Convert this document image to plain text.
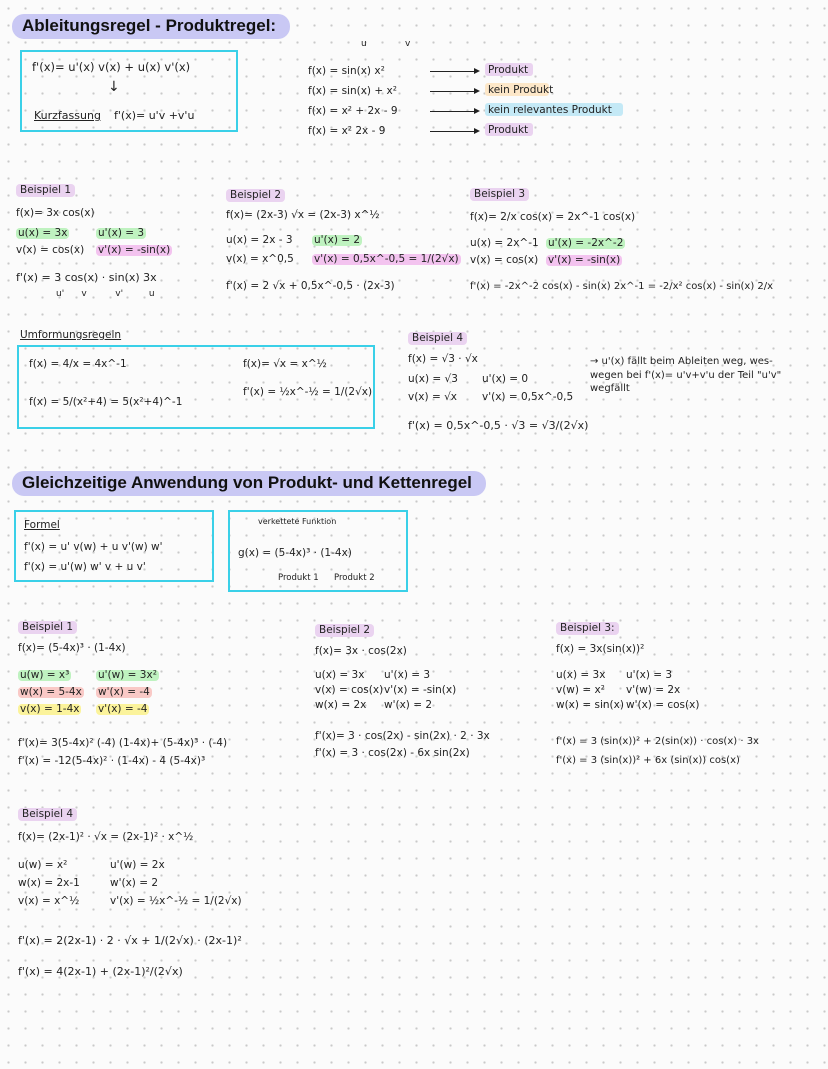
Ableitungsregel - Produktregel:
f'(x)= u'(x) v(x) + u(x) v'(x)
↓
Kurzfassung f'(x)= u'v +v'u
u	v
f(x) = sin(x) x²	Produkt
f(x) = sin(x) + x²	kein Produkt
f(x) = x² + 2x - 9	kein relevantes Produkt
f(x) = x² 2x - 9	Produkt
Beispiel 1
f(x)= 3x cos(x)
u(x) = 3x	u'(x) = 3
v(x) = cos(x) v'(x) = -sin(x)
f'(x) = 3 cos(x) · sin(x) 3x
u'      v          v'         u
Beispiel 2
f(x)= (2x-3) √x = (2x-3) x^½
u(x) = 2x - 3 u'(x) = 2
v(x) = x^0,5 v'(x) = 0,5x^-0,5 = 1/(2√x)
f'(x) = 2 √x + 0,5x^-0,5 · (2x-3)
Beispiel 3
f(x)= 2/x cos(x) = 2x^-1 cos(x)
u(x) = 2x^-1 u'(x) = -2x^-2
v(x) = cos(x) v'(x) = -sin(x)
f'(x) = -2x^-2 cos(x) - sin(x) 2x^-1 = -2/x² cos(x) - sin(x) 2/x
Umformungsregeln
f(x) = 4/x = 4x^-1
f(x) = 5/(x²+4) = 5(x²+4)^-1
f(x)= √x = x^½
f'(x) = ½x^-½ = 1/(2√x)
Beispiel 4
f(x) = √3 · √x
u(x) = √3 u'(x) = 0
v(x) = √x v'(x) = 0,5x^-0,5
f'(x) = 0,5x^-0,5 · √3 = √3/(2√x)
→ u'(x) fällt beim Ableiten weg, wes- wegen bei f'(x)= u'v+v'u der Teil "u'v" wegfällt
Gleichzeitige Anwendung von Produkt- und Kettenregel
Formel
f'(x) = u' v(w) + u v'(w) w'
f'(x) = u'(w) w' v + u v'
verkettete Funktion
g(x) = (5-4x)³ · (1-4x)
Produkt 1 Produkt 2
Beispiel 1
f(x)= (5-4x)³ · (1-4x)
u(w) = x³	u'(w) = 3x²
w(x) = 5-4x w'(x) = -4
v(x) = 1-4x v'(x) = -4
f'(x)= 3(5-4x)² (-4) (1-4x)+ (5-4x)³ · (-4)
f'(x) = -12(5-4x)² · (1-4x) - 4 (5-4x)³
Beispiel 2
f(x)= 3x · cos(2x)
u(x) = 3x u'(x) = 3
v(x) = cos(x) v'(x) = -sin(x)
w(x) = 2x w'(x) = 2
f'(x)= 3 · cos(2x) - sin(2x) · 2 · 3x
f'(x) = 3 · cos(2x) - 6x sin(2x)
Beispiel 3:
f(x) = 3x(sin(x))²
u(x) = 3x u'(x) = 3
v(w) = x² v'(w) = 2x
w(x) = sin(x) w'(x) = cos(x)
f'(x) = 3 (sin(x))² + 2(sin(x)) · cos(x) · 3x
f'(x) = 3 (sin(x))² + 6x (sin(x)) cos(x)
Beispiel 4
f(x)= (2x-1)² · √x = (2x-1)² · x^½
u(w) = x²	u'(w) = 2x
w(x) = 2x-1	w'(x) = 2
v(x) = x^½	v'(x) = ½x^-½ = 1/(2√x)
f'(x) = 2(2x-1) · 2 · √x + 1/(2√x) · (2x-1)²
f'(x) = 4(2x-1) + (2x-1)²/(2√x)
